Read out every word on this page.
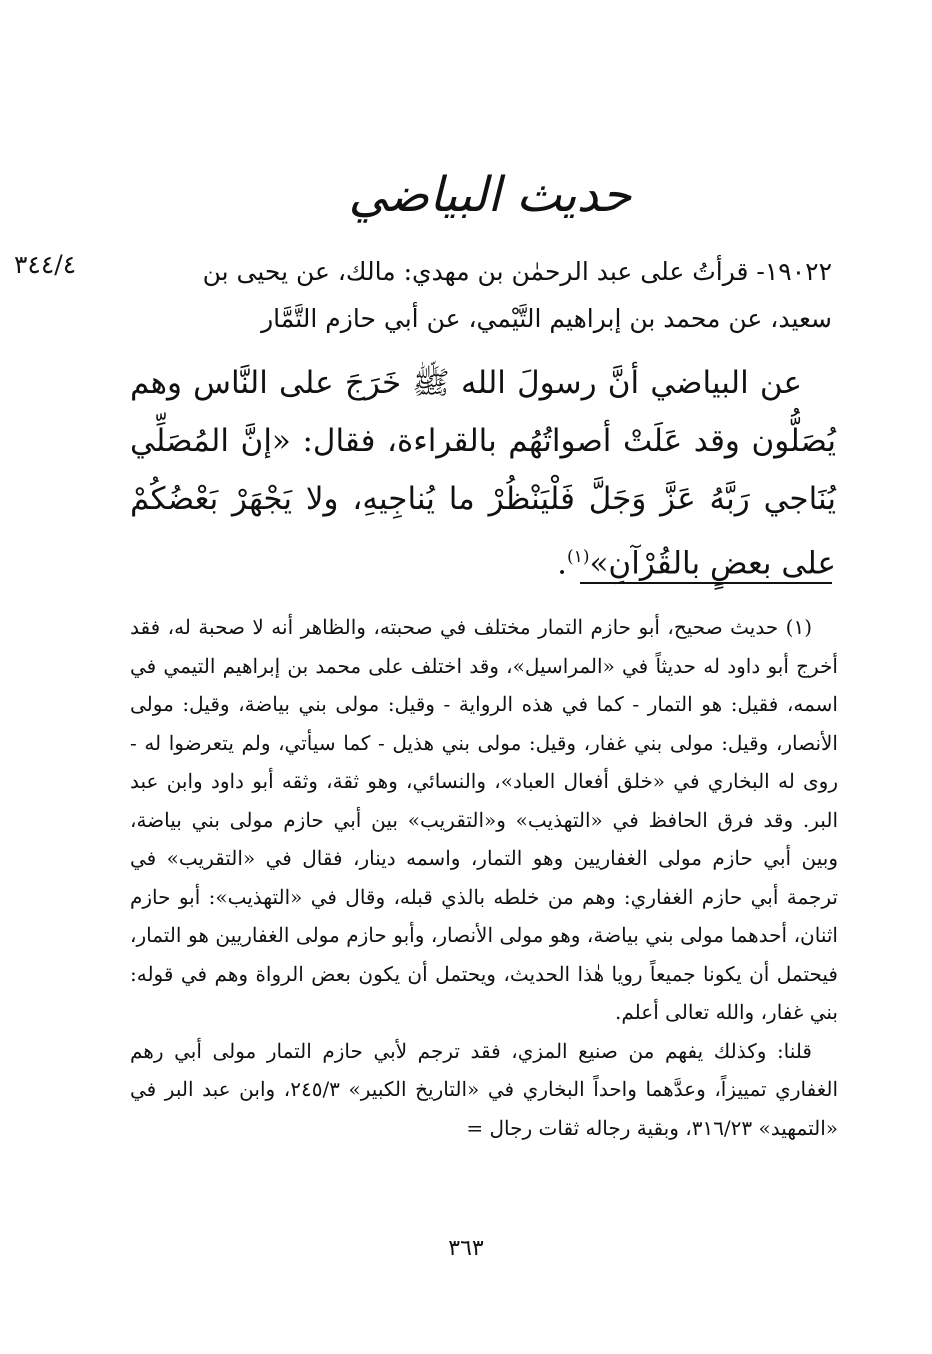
حديث البياضي
٣٤٤/٤	١٩٠٢٢- قرأتُ على عبد الرحمٰن بن مهدي: مالك، عن يحيى بن

سعيد، عن محمد بن إبراهيم التَّيْمي، عن أبي حازم التَّمَّار

عن البياضي أنَّ رسولَ الله ﷺ خَرَجَ على النَّاس وهم يُصَلُّون وقد عَلَتْ أصواتُهُم بالقراءة، فقال: «إنَّ المُصَلِّي يُنَاجي رَبَّهُ عَزَّ وَجَلَّ فَلْيَنْظُرْ ما يُناجِيهِ، ولا يَجْهَرْ بَعْضُكُمْ على بعضٍ بالقُرْآنِ»$^{(١)}$.

(١) حديث صحيح، أبو حازم التمار مختلف في صحبته، والظاهر أنه لا صحبة له، فقد أخرج أبو داود له حديثاً في «المراسيل»، وقد اختلف على محمد بن إبراهيم التيمي في اسمه، فقيل: هو التمار - كما في هذه الرواية - وقيل: مولى بني بياضة، وقيل: مولى الأنصار، وقيل: مولى بني غفار، وقيل: مولى بني هذيل - كما سيأتي، ولم يتعرضوا له - روى له البخاري في «خلق أفعال العباد»، والنسائي، وهو ثقة، وثقه أبو داود وابن عبد البر. وقد فرق الحافظ في «التهذيب» و«التقريب» بين أبي حازم مولى بني بياضة، وبين أبي حازم مولى الغفاريين وهو التمار، واسمه دينار، فقال في «التقريب» في ترجمة أبي حازم الغفاري: وهم من خلطه بالذي قبله، وقال في «التهذيب»: أبو حازم اثنان، أحدهما مولى بني بياضة، وهو مولى الأنصار، وأبو حازم مولى الغفاريين هو التمار، فيحتمل أن يكونا جميعاً رويا هٰذا الحديث، ويحتمل أن يكون بعض الرواة وهم في قوله: بني غفار، والله تعالى أعلم.

قلنا: وكذلك يفهم من صنيع المزي، فقد ترجم لأبي حازم التمار مولى أبي رهم الغفاري تمييزاً، وعدَّهما واحداً البخاري في «التاريخ الكبير» ٢٤٥/٣، وابن عبد البر في «التمهيد» ٣١٦/٢٣، وبقية رجاله ثقات رجال =

٣٦٣
